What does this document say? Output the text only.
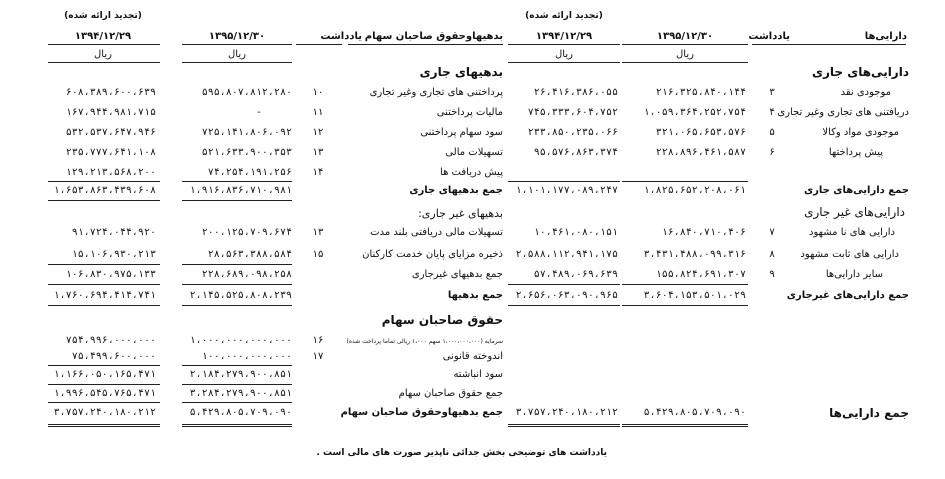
دارایی‌ها
یادداشت
۱۳۹۵/۱۲/۳۰
(تجدید ارائه شده)
۱۳۹۴/۱۲/۲۹
ریال
ریال
دارایی‌های جاری
موجودی نقد
۳
۲۱۶،۳۲۵،۸۴۰،۱۴۴
۲۶،۴۱۶،۳۸۶،۰۵۵
دریافتنی های تجاری وغیر تجاری
۴
۱،۰۵۹،۳۶۴،۲۵۲،۷۵۴
۷۴۵،۳۳۳،۶۰۴،۷۵۲
موجودی مواد وکالا
۵
۳۲۱،۰۶۵،۶۵۳،۵۷۶
۲۳۳،۸۵۰،۲۳۵،۰۶۶
پیش پرداختها
۶
۲۲۸،۸۹۶،۴۶۱،۵۸۷
۹۵،۵۷۶،۸۶۳،۳۷۴
جمع دارایی‌های جاری
۱،۸۲۵،۶۵۲،۲۰۸،۰۶۱
۱،۱۰۱،۱۷۷،۰۸۹،۲۴۷
دارایی‌های غیر جاری
دارایی های نا مشهود
۷
۱۶،۸۴۰،۷۱۰،۴۰۶
۱۰،۴۶۱،۰۸۰،۱۵۱
دارایی های ثابت مشهود
۸
۳،۴۳۱،۴۸۸،۰۹۹،۳۱۶
۲،۵۸۸،۱۱۲،۹۴۱،۱۷۵
سایر دارایی‌ها
۹
۱۵۵،۸۲۴،۶۹۱،۳۰۷
۵۷،۴۸۹،۰۶۹،۶۳۹
جمع دارایی‌های غیرجاری
۳،۶۰۴،۱۵۳،۵۰۱،۰۲۹
۲،۶۵۶،۰۶۳،۰۹۰،۹۶۵
جمع دارایی‌ها
۵،۴۲۹،۸۰۵،۷۰۹،۰۹۰
۳،۷۵۷،۲۴۰،۱۸۰،۲۱۲
بدهیهاوحقوق صاحبان سهام
یادداشت
۱۳۹۵/۱۲/۳۰
(تجدید ارائه شده)
۱۳۹۴/۱۲/۲۹
ریال
ریال
بدهیهای جاری
پرداختنی های تجاری وغیر تجاری
۱۰
۵۹۵،۸۰۷،۸۱۲،۲۸۰
۶۰۸،۳۸۹،۶۰۰،۶۳۹
مالیات پرداختنی
۱۱
-
۱۶۷،۹۴۴،۹۸۱،۷۱۵
سود سهام پرداختنی
۱۲
۷۲۵،۱۴۱،۸۰۶،۰۹۲
۵۳۲،۵۳۷،۶۴۷،۹۴۶
تسهیلات مالی
۱۳
۵۲۱،۶۳۳،۹۰۰،۳۵۳
۲۳۵،۷۷۷،۶۴۱،۱۰۸
پیش دریافت ها
۱۴
۷۴،۲۵۴،۱۹۱،۲۵۶
۱۲۹،۲۱۳،۵۶۸،۲۰۰
جمع بدهیهای جاری
۱،۹۱۶،۸۳۶،۷۱۰،۹۸۱
۱،۶۵۳،۸۶۳،۴۳۹،۶۰۸
بدهیهای غیر جاری:
تسهیلات مالی دریافتی بلند مدت
۱۳
۲۰۰،۱۲۵،۷۰۹،۶۷۴
۹۱،۷۲۴،۰۴۴،۹۲۰
ذخیره مزایای پایان خدمت کارکنان
۱۵
۲۸،۵۶۳،۳۸۸،۵۸۴
۱۵،۱۰۶،۹۳۰،۲۱۳
جمع بدهیهای غیرجاری
۲۲۸،۶۸۹،۰۹۸،۲۵۸
۱۰۶،۸۳۰،۹۷۵،۱۳۳
جمع بدهیها
۲،۱۴۵،۵۲۵،۸۰۸،۲۳۹
۱،۷۶۰،۶۹۴،۴۱۴،۷۴۱
حقوق صاحبان سهام
سرمایه (۱،۰۰۰،۰۰۰،۰۰۰ سهم ۱،۰۰۰ ریالی تماما پرداخت شده)
۱۶
۱،۰۰۰،۰۰۰،۰۰۰،۰۰۰
۷۵۴،۹۹۶،۰۰۰،۰۰۰
اندوخته قانونی
۱۷
۱۰۰،۰۰۰،۰۰۰،۰۰۰
۷۵،۴۹۹،۶۰۰،۰۰۰
سود انباشته
۲،۱۸۴،۲۷۹،۹۰۰،۸۵۱
۱،۱۶۶،۰۵۰،۱۶۵،۴۷۱
جمع حقوق صاحبان سهام
۳،۲۸۴،۲۷۹،۹۰۰،۸۵۱
۱،۹۹۶،۵۴۵،۷۶۵،۴۷۱
جمع بدهیهاوحقوق صاحبان سهام
۵،۴۲۹،۸۰۵،۷۰۹،۰۹۰
۳،۷۵۷،۲۴۰،۱۸۰،۲۱۲
یادداشت های توضیحی بخش جدائی ناپذیر صورت های مالی است .
